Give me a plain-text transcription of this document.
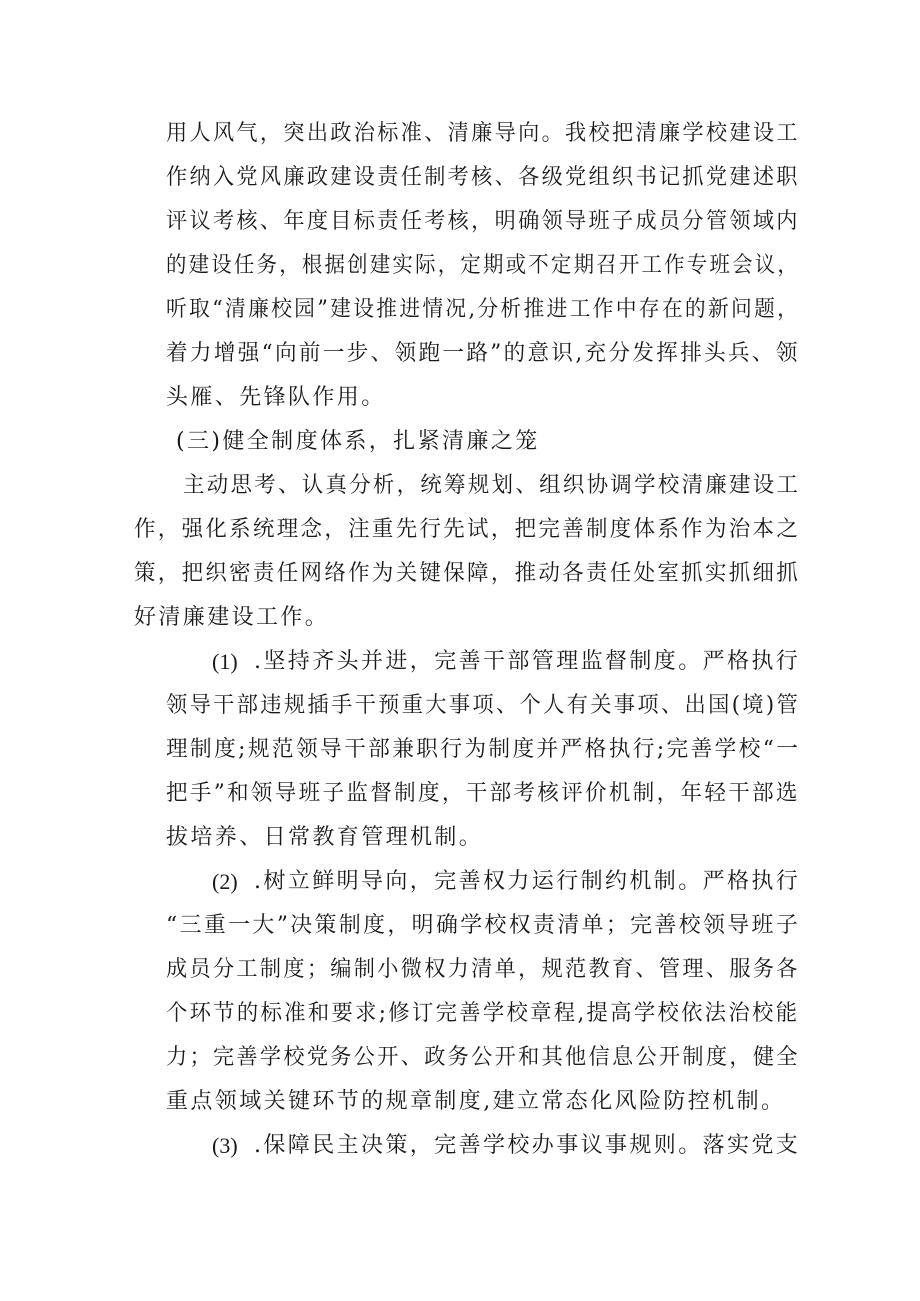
用人风气，突出政治标准、清廉导向。我校把清廉学校建设工

作纳入党风廉政建设责任制考核、各级党组织书记抓党建述职

评议考核、年度目标责任考核，明确领导班子成员分管领域内

的建设任务，根据创建实际，定期或不定期召开工作专班会议，

听取“清廉校园”建设推进情况,分析推进工作中存在的新问题，

着力增强“向前一步、领跑一路”的意识,充分发挥排头兵、领

头雁、先锋队作用。

(三)健全制度体系，扎紧清廉之笼

主动思考、认真分析，统筹规划、组织协调学校清廉建设工

作，强化系统理念，注重先行先试，把完善制度体系作为治本之

策，把织密责任网络作为关键保障，推动各责任处室抓实抓细抓

好清廉建设工作。

(1) .坚持齐头并进，完善干部管理监督制度。严格执行

领导干部违规插手干预重大事项、个人有关事项、出国(境)管

理制度;规范领导干部兼职行为制度并严格执行;完善学校“一

把手”和领导班子监督制度，干部考核评价机制，年轻干部选

拔培养、日常教育管理机制。

(2) .树立鲜明导向，完善权力运行制约机制。严格执行

“三重一大”决策制度，明确学校权责清单；完善校领导班子

成员分工制度；编制小微权力清单，规范教育、管理、服务各

个环节的标准和要求;修订完善学校章程,提高学校依法治校能

力；完善学校党务公开、政务公开和其他信息公开制度，健全

重点领域关键环节的规章制度,建立常态化风险防控机制。

(3) .保障民主决策，完善学校办事议事规则。落实党支
